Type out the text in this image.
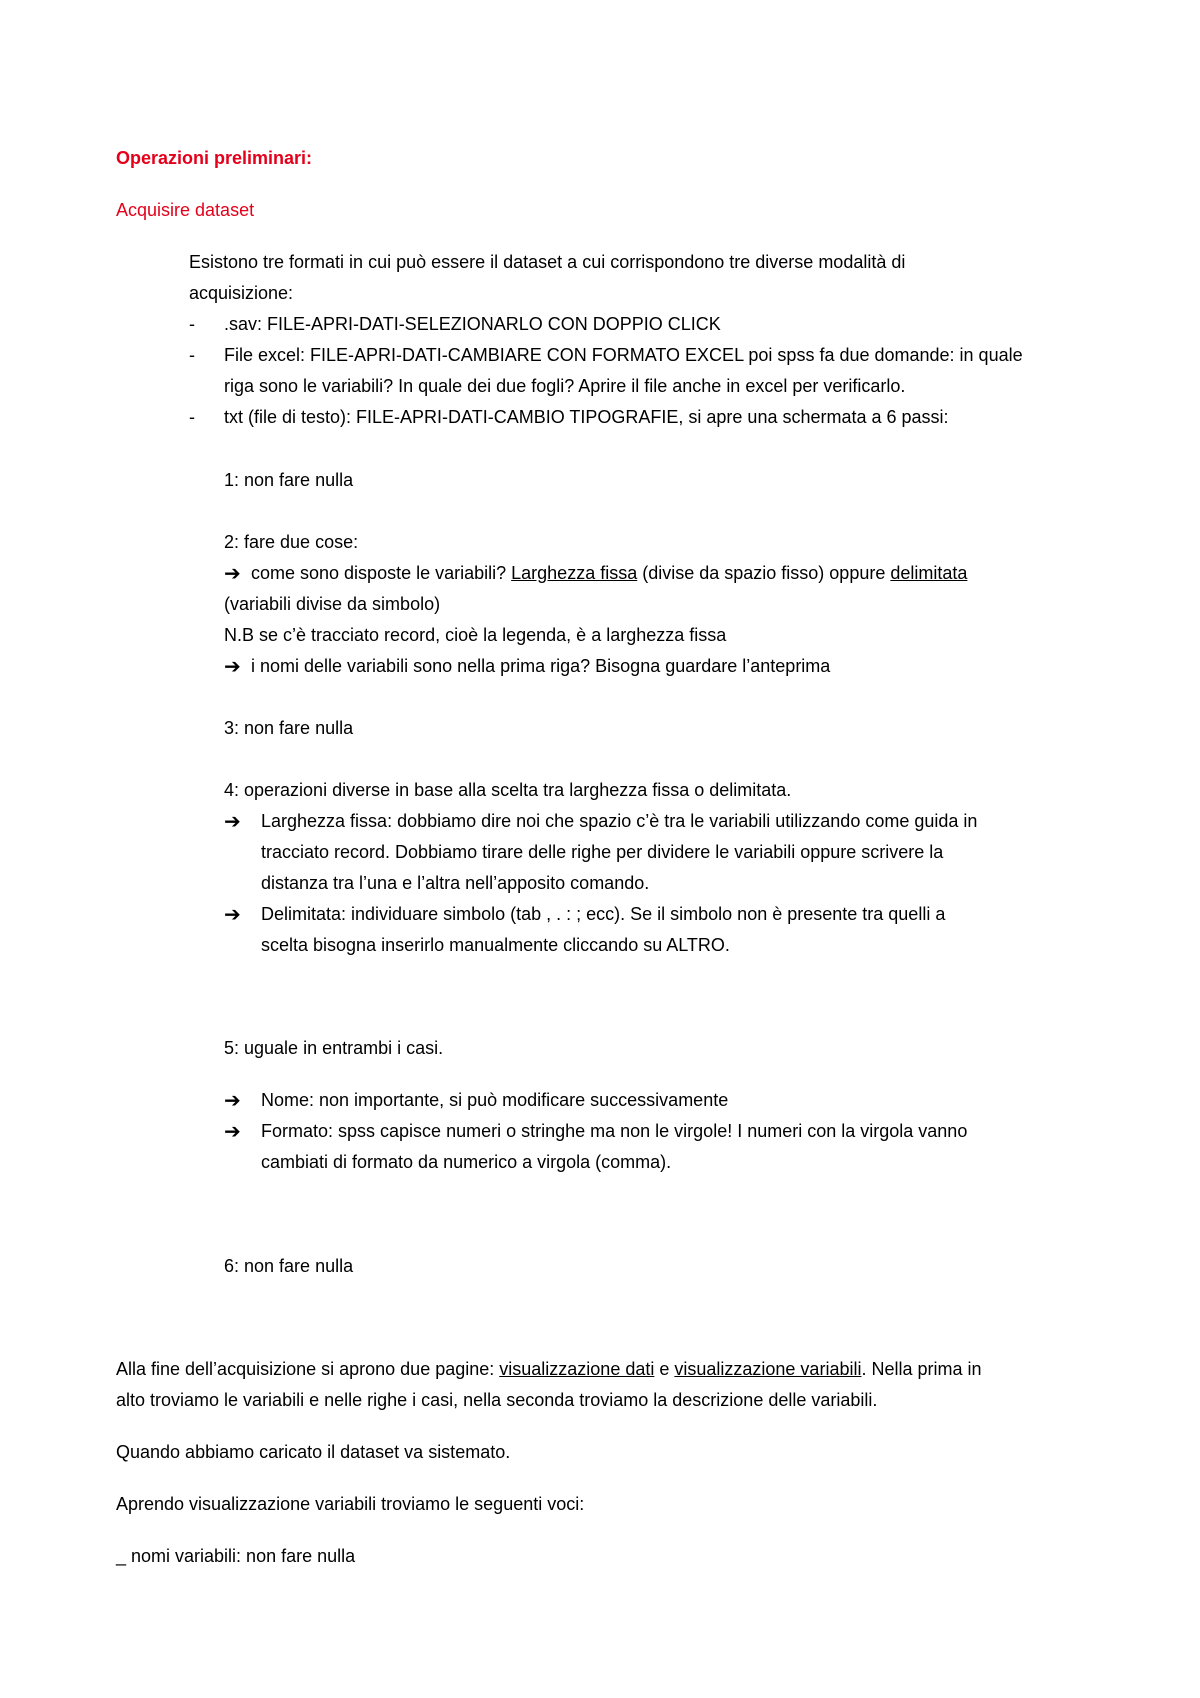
Operazioni preliminari:
Acquisire dataset
Esistono tre formati in cui può essere il dataset a cui corrispondono tre diverse modalità di
acquisizione:
- .sav: FILE-APRI-DATI-SELEZIONARLO CON DOPPIO CLICK
- File excel: FILE-APRI-DATI-CAMBIARE CON FORMATO EXCEL poi spss fa due domande: in quale
riga sono le variabili? In quale dei due fogli? Aprire il file anche in excel per verificarlo.
- txt (file di testo): FILE-APRI-DATI-CAMBIO TIPOGRAFIE, si apre una schermata a 6 passi:
1: non fare nulla
2: fare due cose:
➔ come sono disposte le variabili? Larghezza fissa (divise da spazio fisso) oppure delimitata
(variabili divise da simbolo)
N.B se c’è tracciato record, cioè la legenda, è a larghezza fissa
➔ i nomi delle variabili sono nella prima riga? Bisogna guardare l’anteprima
3: non fare nulla
4: operazioni diverse in base alla scelta tra larghezza fissa o delimitata.
➔ Larghezza fissa: dobbiamo dire noi che spazio c’è tra le variabili utilizzando come guida in
tracciato record. Dobbiamo tirare delle righe per dividere le variabili oppure scrivere la
distanza tra l’una e l’altra nell’apposito comando.
➔ Delimitata: individuare simbolo (tab , . : ; ecc). Se il simbolo non è presente tra quelli a
scelta bisogna inserirlo manualmente cliccando su ALTRO.
5: uguale in entrambi i casi.
➔ Nome: non importante, si può modificare successivamente
➔ Formato: spss capisce numeri o stringhe ma non le virgole! I numeri con la virgola vanno
cambiati di formato da numerico a virgola (comma).
6: non fare nulla
Alla fine dell’acquisizione si aprono due pagine: visualizzazione dati e visualizzazione variabili. Nella prima in
alto troviamo le variabili e nelle righe i casi, nella seconda troviamo la descrizione delle variabili.
Quando abbiamo caricato il dataset va sistemato.
Aprendo visualizzazione variabili troviamo le seguenti voci:
_ nomi variabili: non fare nulla
